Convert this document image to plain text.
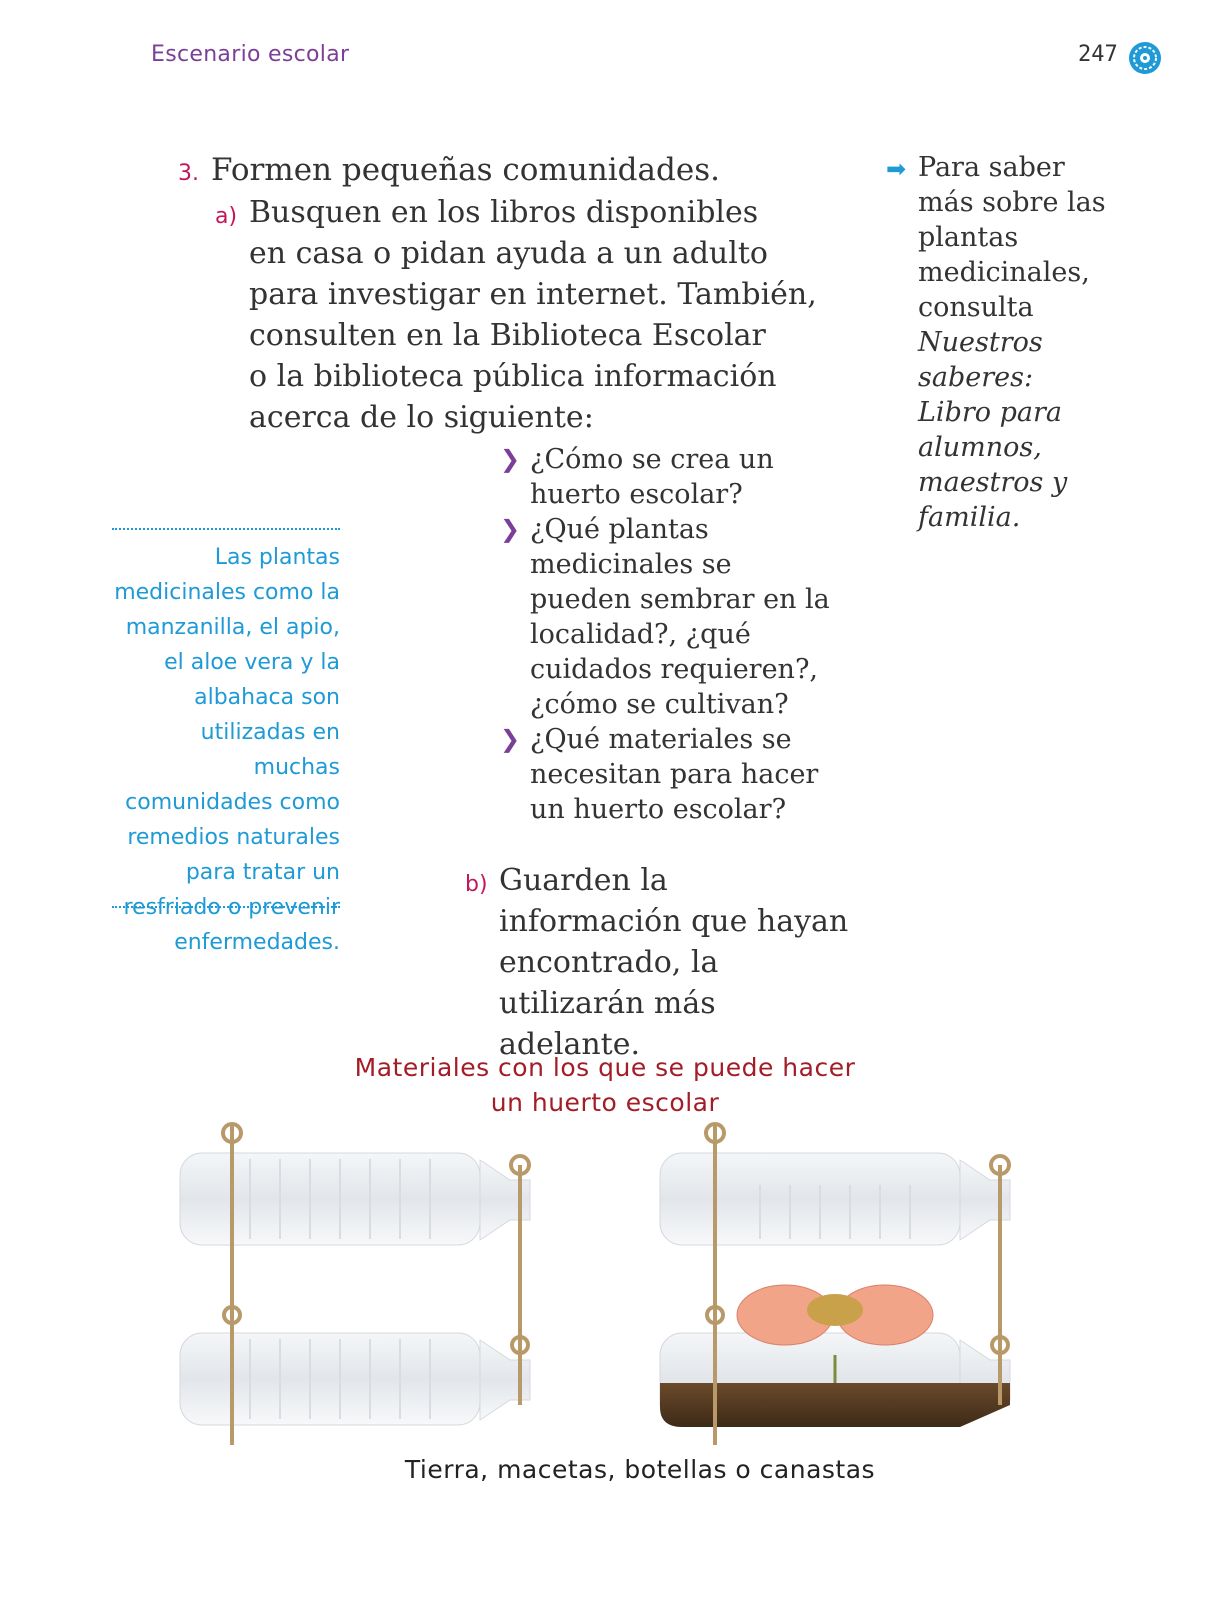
Escenario escolar	247
3. Formen pequeñas comunidades.
a) Busquen en los libros disponibles
en casa o pidan ayuda a un adulto
para investigar en internet. También,
consulten en la Biblioteca Escolar
o la biblioteca pública información
acerca de lo siguiente:
❯ ¿Cómo se crea un huerto escolar?
❯ ¿Qué plantas medicinales se pueden sembrar en la localidad?, ¿qué cuidados requieren?, ¿cómo se cultivan?
❯ ¿Qué materiales se necesitan para hacer un huerto escolar?
b) Guarden la información que hayan encontrado, la utilizarán más adelante.
➡ Para saber más sobre las plantas medicinales, consulta Nuestros saberes: Libro para alumnos, maestros y familia.
Las plantas medicinales como la manzanilla, el apio, el aloe vera y la albahaca son utilizadas en muchas comunidades como remedios naturales para tratar un resfriado o prevenir enfermedades.
Materiales con los que se puede hacer
un huerto escolar
Tierra, macetas, botellas o canastas
